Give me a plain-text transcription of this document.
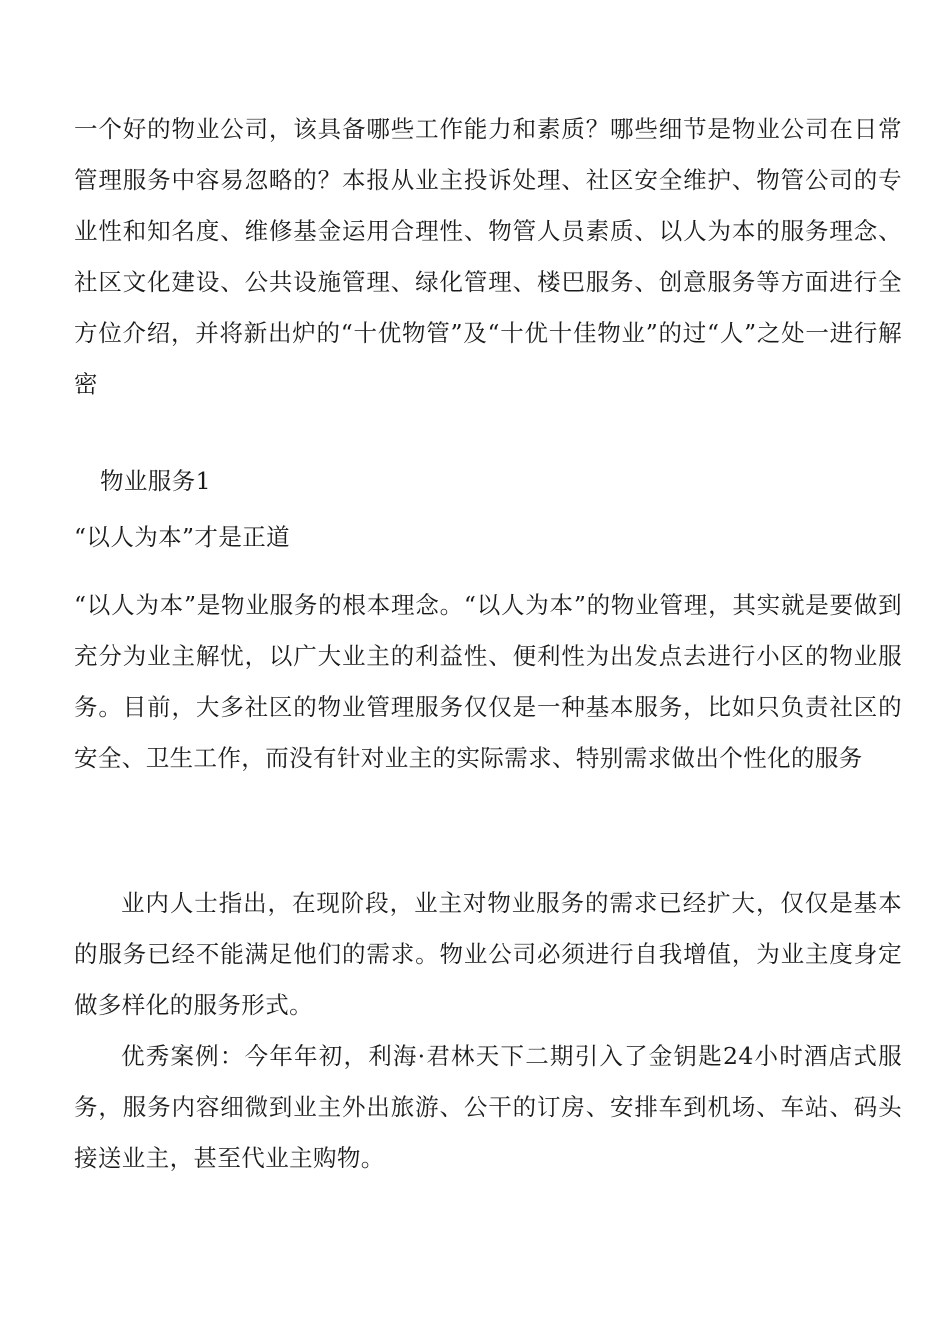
一个好的物业公司，该具备哪些工作能力和素质？哪些细节是物业公司在日常管理服务中容易忽略的？本报从业主投诉处理、社区安全维护、物管公司的专业性和知名度、维修基金运用合理性、物管人员素质、以人为本的服务理念、社区文化建设、公共设施管理、绿化管理、楼巴服务、创意服务等方面进行全方位介绍，并将新出炉的“十优物管”及“十优十佳物业”的过“人”之处一进行解密

物业服务1

“以人为本”才是正道

“以人为本”是物业服务的根本理念。“以人为本”的物业管理，其实就是要做到充分为业主解忧，以广大业主的利益性、便利性为出发点去进行小区的物业服务。目前，大多社区的物业管理服务仅仅是一种基本服务，比如只负责社区的安全、卫生工作，而没有针对业主的实际需求、特别需求做出个性化的服务

业内人士指出，在现阶段，业主对物业服务的需求已经扩大，仅仅是基本的服务已经不能满足他们的需求。物业公司必须进行自我增值，为业主度身定做多样化的服务形式。

优秀案例：今年年初，利海·君林天下二期引入了金钥匙24小时酒店式服务，服务内容细微到业主外出旅游、公干的订房、安排车到机场、车站、码头接送业主，甚至代业主购物。
